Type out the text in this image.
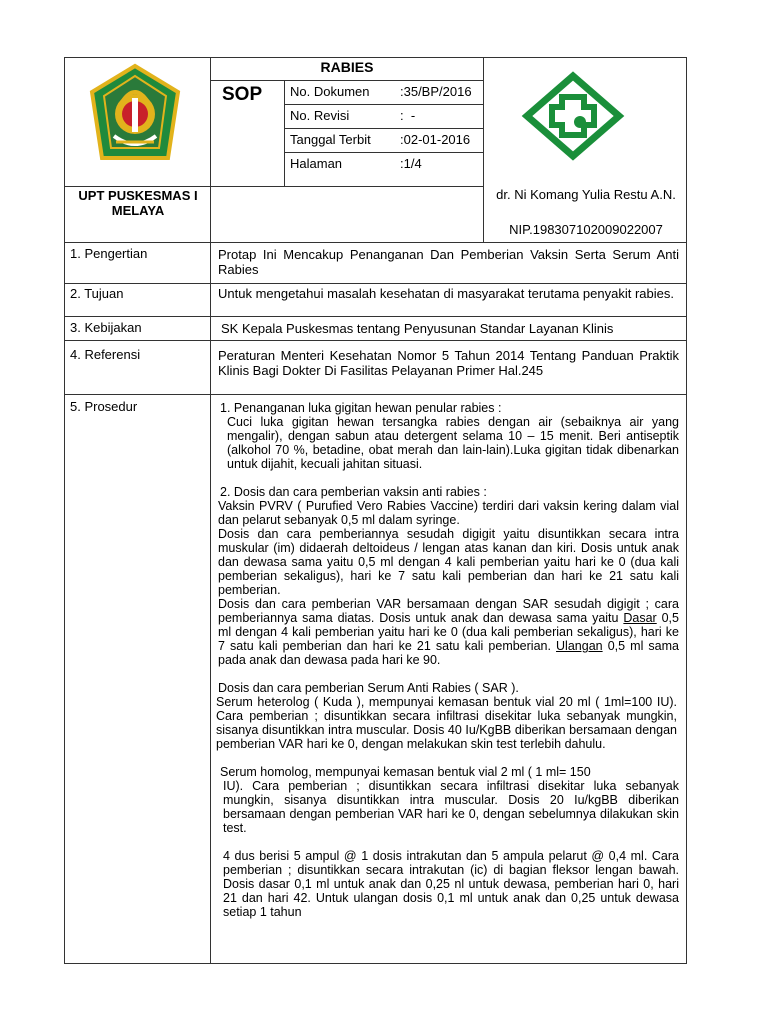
RABIES
SOP No. Dokumen :35/BP/2016
No. Revisi	:  -
Tanggal Terbit :02-01-2016
Halaman	:1/4
UPT PUSKESMAS I MELAYA
dr. Ni Komang Yulia Restu A.N.
NIP.198307102009022007
1. Pengertian
2. Tujuan
3. Kebijakan
4. Referensi
5. Prosedur
Protap Ini Mencakup Penanganan Dan Pemberian Vaksin Serta Serum Anti Rabies
Untuk mengetahui masalah kesehatan di masyarakat terutama penyakit rabies.
SK Kepala Puskesmas tentang Penyusunan Standar Layanan Klinis
Peraturan Menteri Kesehatan Nomor 5 Tahun 2014 Tentang Panduan Praktik Klinis Bagi Dokter Di Fasilitas Pelayanan Primer Hal.245

1. Penanganan luka gigitan hewan penular rabies :

Cuci luka gigitan hewan tersangka rabies dengan air (sebaiknya air yang mengalir), dengan sabun atau detergent selama 10 – 15 menit. Beri antiseptik (alkohol 70 %, betadine, obat merah dan lain-lain).Luka gigitan tidak dibenarkan untuk dijahit, kecuali jahitan situasi.

2. Dosis dan cara pemberian vaksin anti rabies :

Vaksin PVRV ( Purufied Vero Rabies Vaccine) terdiri dari vaksin kering dalam vial dan pelarut sebanyak 0,5 ml dalam syringe.

Dosis dan cara pemberiannya sesudah digigit yaitu disuntikkan secara intra muskular (im) didaerah deltoideus / lengan atas kanan dan kiri. Dosis untuk anak dan dewasa sama yaitu 0,5 ml dengan 4 kali pemberian yaitu hari ke 0 (dua kali pemberian sekaligus), hari ke 7 satu kali pemberian dan hari ke 21 satu kali pemberian.

Dosis dan cara pemberian VAR bersamaan dengan SAR sesudah digigit ; cara pemberiannya sama diatas. Dosis untuk anak dan dewasa sama yaitu Dasar 0,5 ml dengan 4 kali pemberian yaitu hari ke 0 (dua kali pemberian sekaligus), hari ke 7 satu kali pemberian dan hari ke 21 satu kali pemberian. Ulangan 0,5 ml sama pada anak dan dewasa pada hari ke 90.

Dosis dan cara pemberian Serum Anti Rabies ( SAR ).

Serum heterolog ( Kuda ), mempunyai kemasan bentuk vial 20 ml ( 1ml=100 IU). Cara pemberian ; disuntikkan secara infiltrasi disekitar luka sebanyak mungkin, sisanya disuntikkan intra muscular. Dosis 40 Iu/KgBB diberikan bersamaan dengan pemberian VAR hari ke 0, dengan melakukan skin test terlebih dahulu.

Serum homolog, mempunyai kemasan bentuk vial 2 ml ( 1 ml= 150

IU). Cara pemberian ; disuntikkan secara infiltrasi disekitar luka sebanyak mungkin, sisanya disuntikkan intra muscular. Dosis 20 Iu/kgBB diberikan bersamaan dengan pemberian VAR hari ke 0, dengan sebelumnya dilakukan skin test.

4 dus berisi 5 ampul @ 1 dosis intrakutan dan 5 ampula pelarut @ 0,4 ml. Cara pemberian ; disuntikkan secara intrakutan (ic) di bagian fleksor lengan bawah. Dosis dasar 0,1 ml untuk anak dan 0,25 nl untuk dewasa, pemberian hari 0, hari 21 dan hari 42. Untuk ulangan dosis 0,1 ml untuk anak dan 0,25 untuk dewasa setiap 1 tahun
